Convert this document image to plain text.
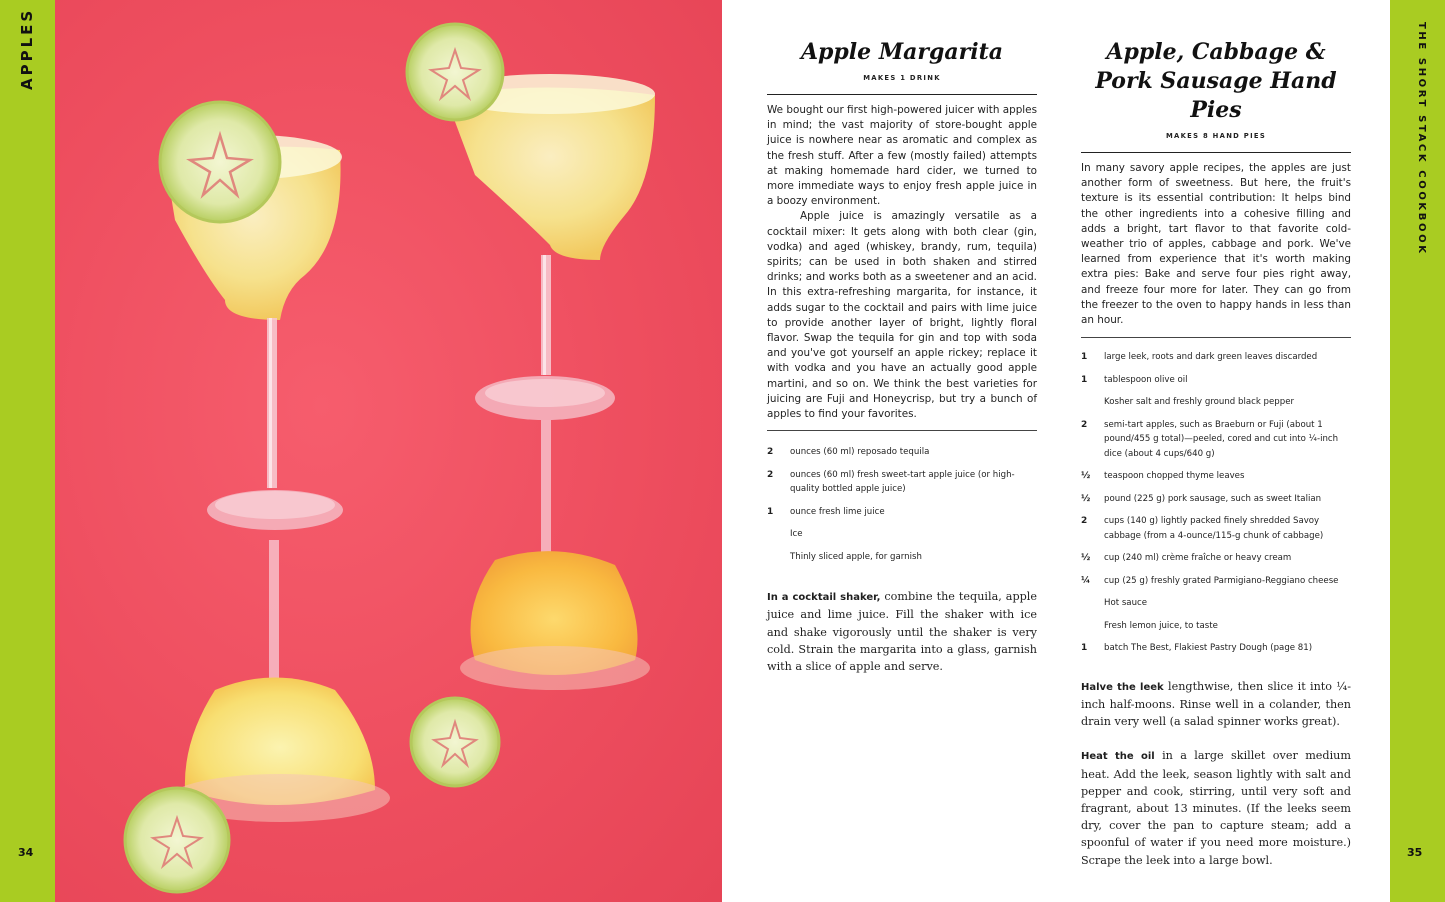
APPLES
34
Apple Margarita
MAKES 1 DRINK

We bought our first high-powered juicer with apples in mind; the vast majority of store-bought apple juice is nowhere near as aromatic and complex as the fresh stuff. After a few (mostly failed) attempts at making homemade hard cider, we turned to more immediate ways to enjoy fresh apple juice in a boozy environment.

Apple juice is amazingly versatile as a cocktail mixer: It gets along with both clear (gin, vodka) and aged (whiskey, brandy, rum, tequila) spirits; can be used in both shaken and stirred drinks; and works both as a sweetener and an acid. In this extra-refreshing margarita, for instance, it adds sugar to the cocktail and pairs with lime juice to provide another layer of bright, lightly floral flavor. Swap the tequila for gin and top with soda and you've got yourself an apple rickey; replace it with vodka and you have an actually good apple martini, and so on. We think the best varieties for juicing are Fuji and Honeycrisp, but try a bunch of apples to find your favorites.

2	ounces (60 ml) reposado tequila
2	ounces (60 ml) fresh sweet-tart apple juice (or high-quality bottled apple juice)
1	ounce fresh lime juice
Ice
Thinly sliced apple, for garnish

In a cocktail shaker, combine the tequila, apple juice and lime juice. Fill the shaker with ice and shake vigorously until the shaker is very cold. Strain the margarita into a glass, garnish with a slice of apple and serve.

Apple, Cabbage &
Pork Sausage Hand Pies
MAKES 8 HAND PIES

In many savory apple recipes, the apples are just another form of sweetness. But here, the fruit's texture is its essential contribution: It helps bind the other ingredients into a cohesive filling and adds a bright, tart flavor to that favorite cold-weather trio of apples, cabbage and pork. We've learned from experience that it's worth making extra pies: Bake and serve four pies right away, and freeze four more for later. They can go from the freezer to the oven to happy hands in less than an hour.

1	large leek, roots and dark green leaves discarded
1	tablespoon olive oil
Kosher salt and freshly ground black pepper
2	semi-tart apples, such as Braeburn or Fuji (about 1 pound/455 g total)—peeled, cored and cut into ¼-inch dice (about 4 cups/640 g)
½	teaspoon chopped thyme leaves
½	pound (225 g) pork sausage, such as sweet Italian
2	cups (140 g) lightly packed finely shredded Savoy cabbage (from a 4-ounce/115-g chunk of cabbage)
½	cup (240 ml) crème fraîche or heavy cream
¼	cup (25 g) freshly grated Parmigiano-Reggiano cheese
Hot sauce
Fresh lemon juice, to taste
1	batch The Best, Flakiest Pastry Dough (page 81)

Halve the leek lengthwise, then slice it into ¼-inch half-moons. Rinse well in a colander, then drain very well (a salad spinner works great).

Heat the oil in a large skillet over medium heat. Add the leek, season lightly with salt and pepper and cook, stirring, until very soft and fragrant, about 13 minutes. (If the leeks seem dry, cover the pan to capture steam; add a spoonful of water if you need more moisture.) Scrape the leek into a large bowl.

THE SHORT STACK COOKBOOK
35
